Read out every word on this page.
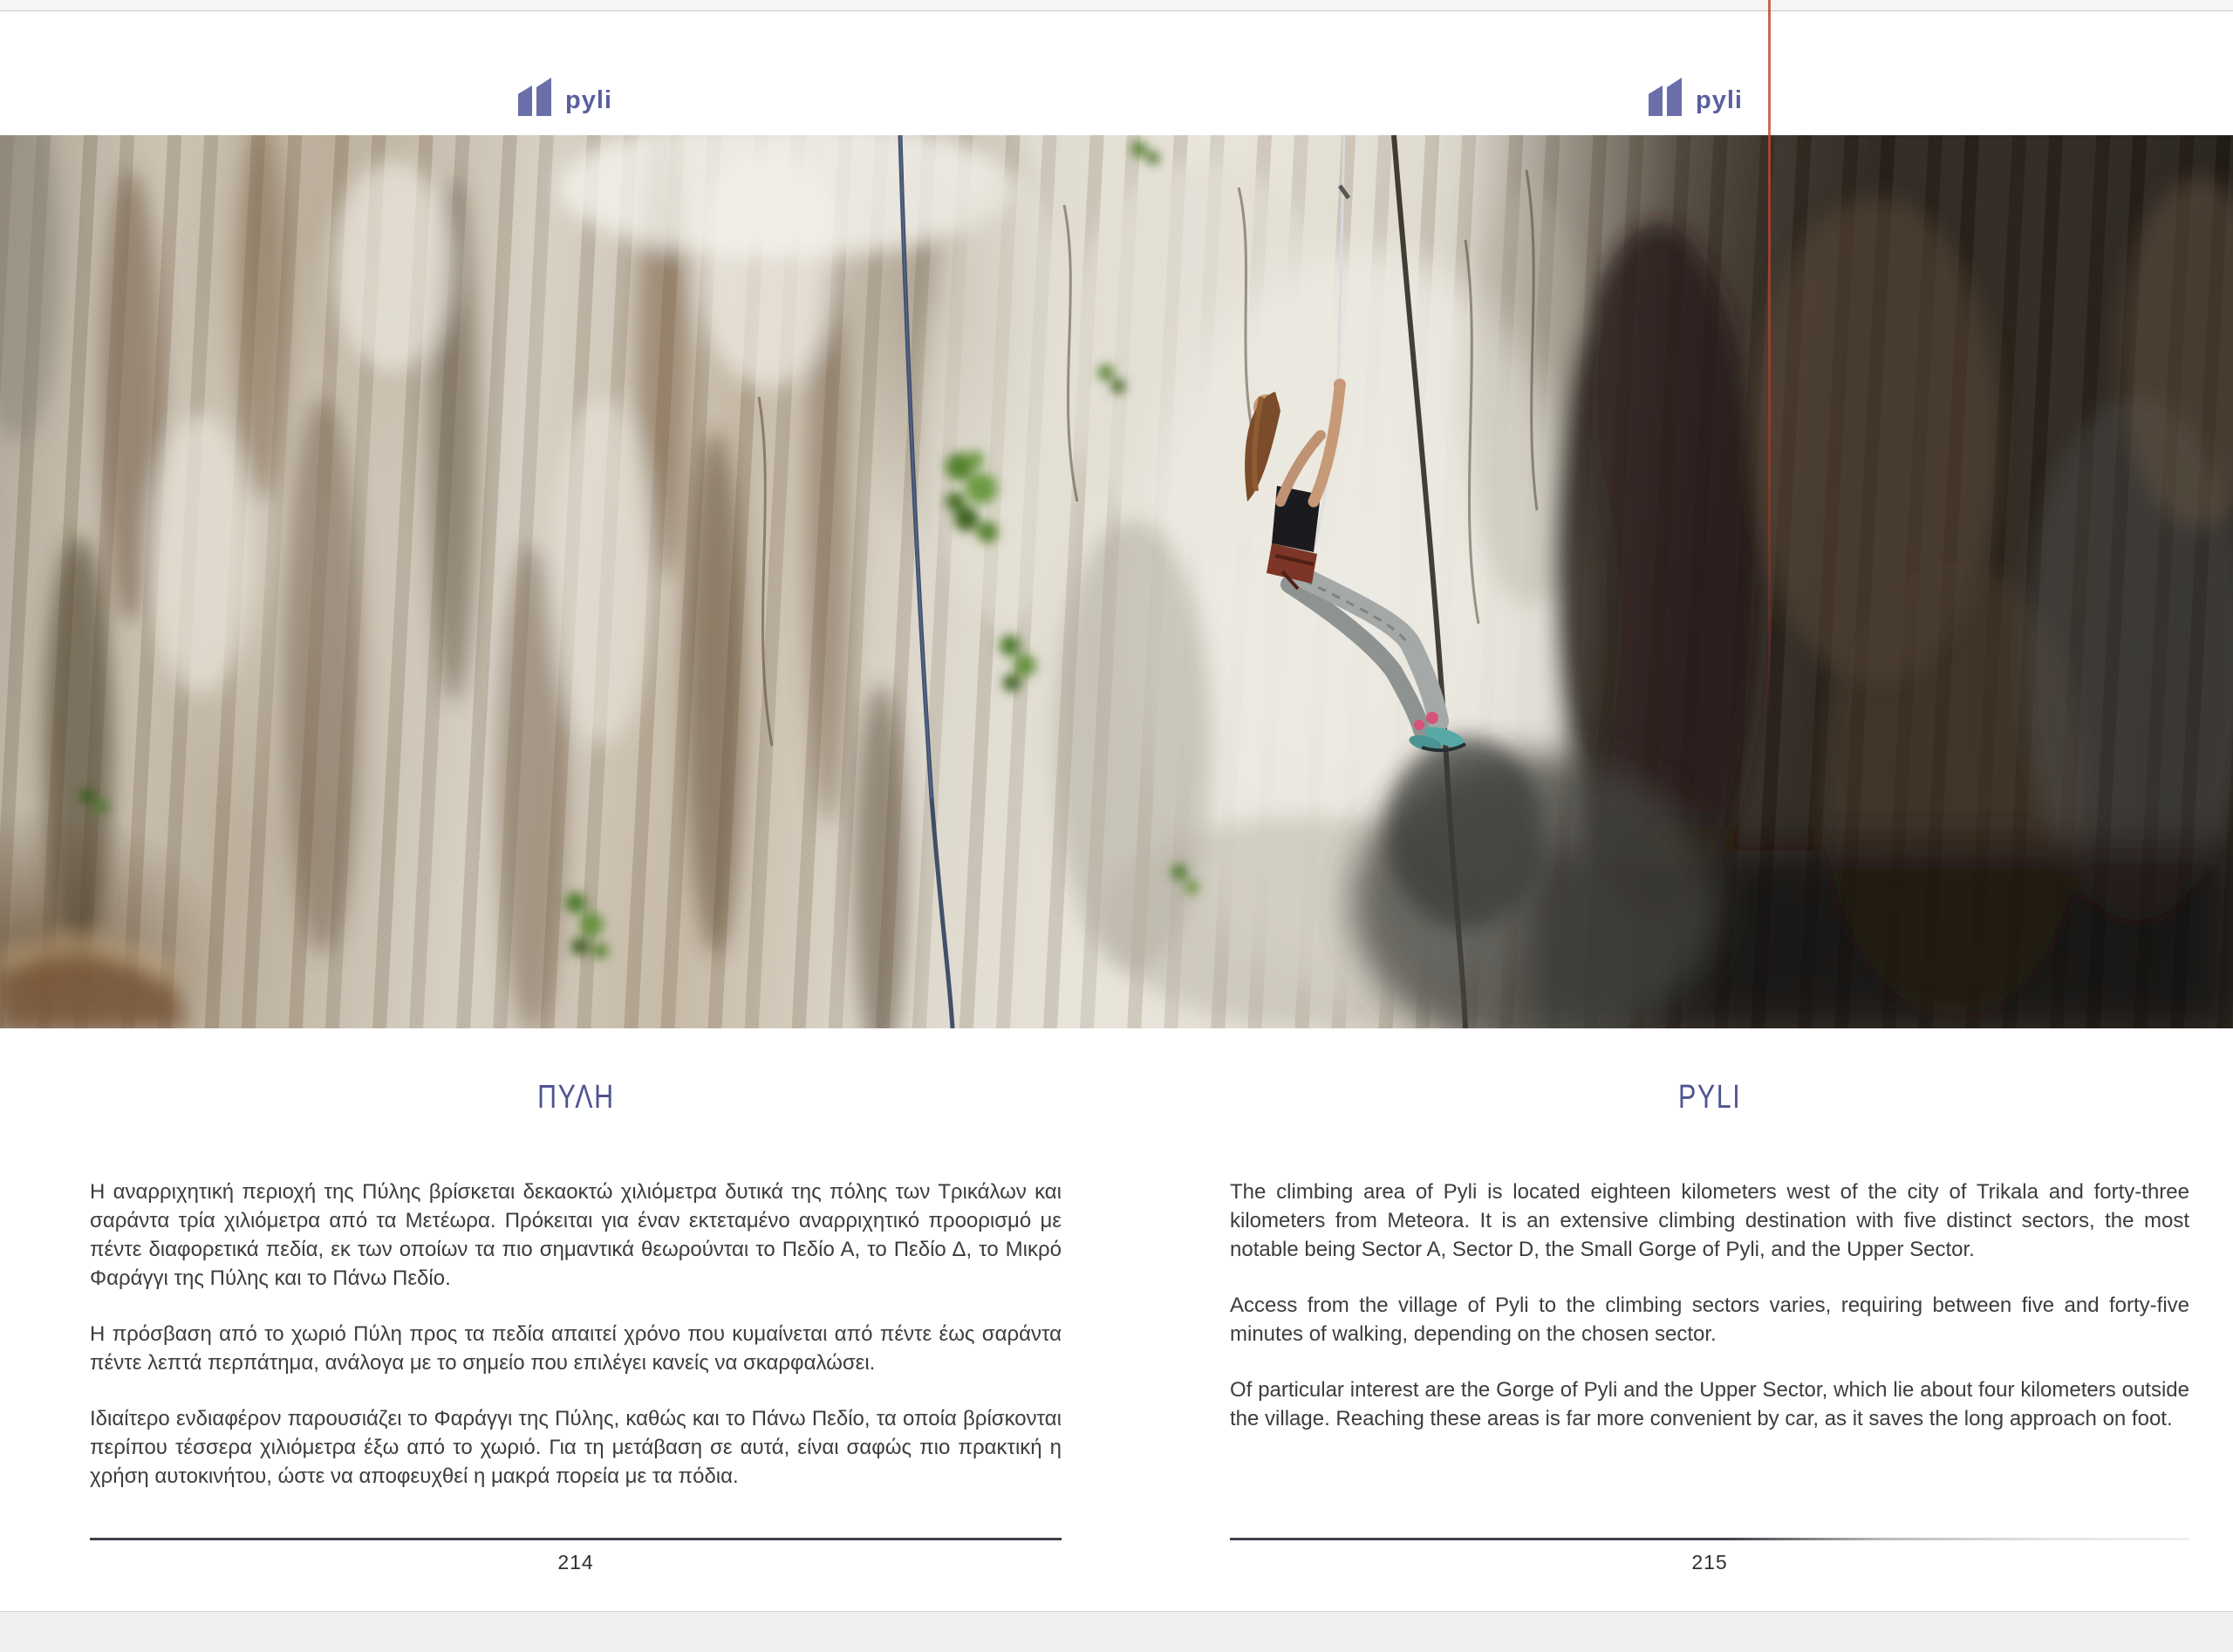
pyli	pyli
ΠΥΛΗ

Η αναρριχητική περιοχή της Πύλης βρίσκεται δεκαοκτώ χιλιόμετρα δυτικά της πόλης των Τρικάλων και σαράντα τρία χιλιόμετρα από τα Μετέωρα. Πρόκειται για έναν εκτεταμένο αναρριχητικό προορισμό με πέντε διαφορετικά πεδία, εκ των οποίων τα πιο σημαντικά θεωρούνται το Πεδίο Α, το Πεδίο Δ, το Μικρό Φαράγγι της Πύλης και το Πάνω Πεδίο.

Η πρόσβαση από το χωριό Πύλη προς τα πεδία απαιτεί χρόνο που κυμαίνεται από πέντε έως σαράντα πέντε λεπτά περπάτημα, ανάλογα με το σημείο που επιλέγει κανείς να σκαρφαλώσει.

Ιδιαίτερο ενδιαφέρον παρουσιάζει το Φαράγγι της Πύλης, καθώς και το Πάνω Πεδίο, τα οποία βρίσκονται περίπου τέσσερα χιλιόμετρα έξω από το χωριό. Για τη μετάβαση σε αυτά, είναι σαφώς πιο πρακτική η χρήση αυτοκινήτου, ώστε να αποφευχθεί η μακρά πορεία με τα πόδια.

214
PYLI

The climbing area of Pyli is located eighteen kilometers west of the city of Trikala and forty-three kilometers from Meteora. It is an extensive climbing destination with five distinct sectors, the most notable being Sector A, Sector D, the Small Gorge of Pyli, and the Upper Sector.

Access from the village of Pyli to the climbing sectors varies, requiring between five and forty-five minutes of walking, depending on the chosen sector.

Of particular interest are the Gorge of Pyli and the Upper Sector, which lie about four kilometers outside the village. Reaching these areas is far more convenient by car, as it saves the long approach on foot.

215
